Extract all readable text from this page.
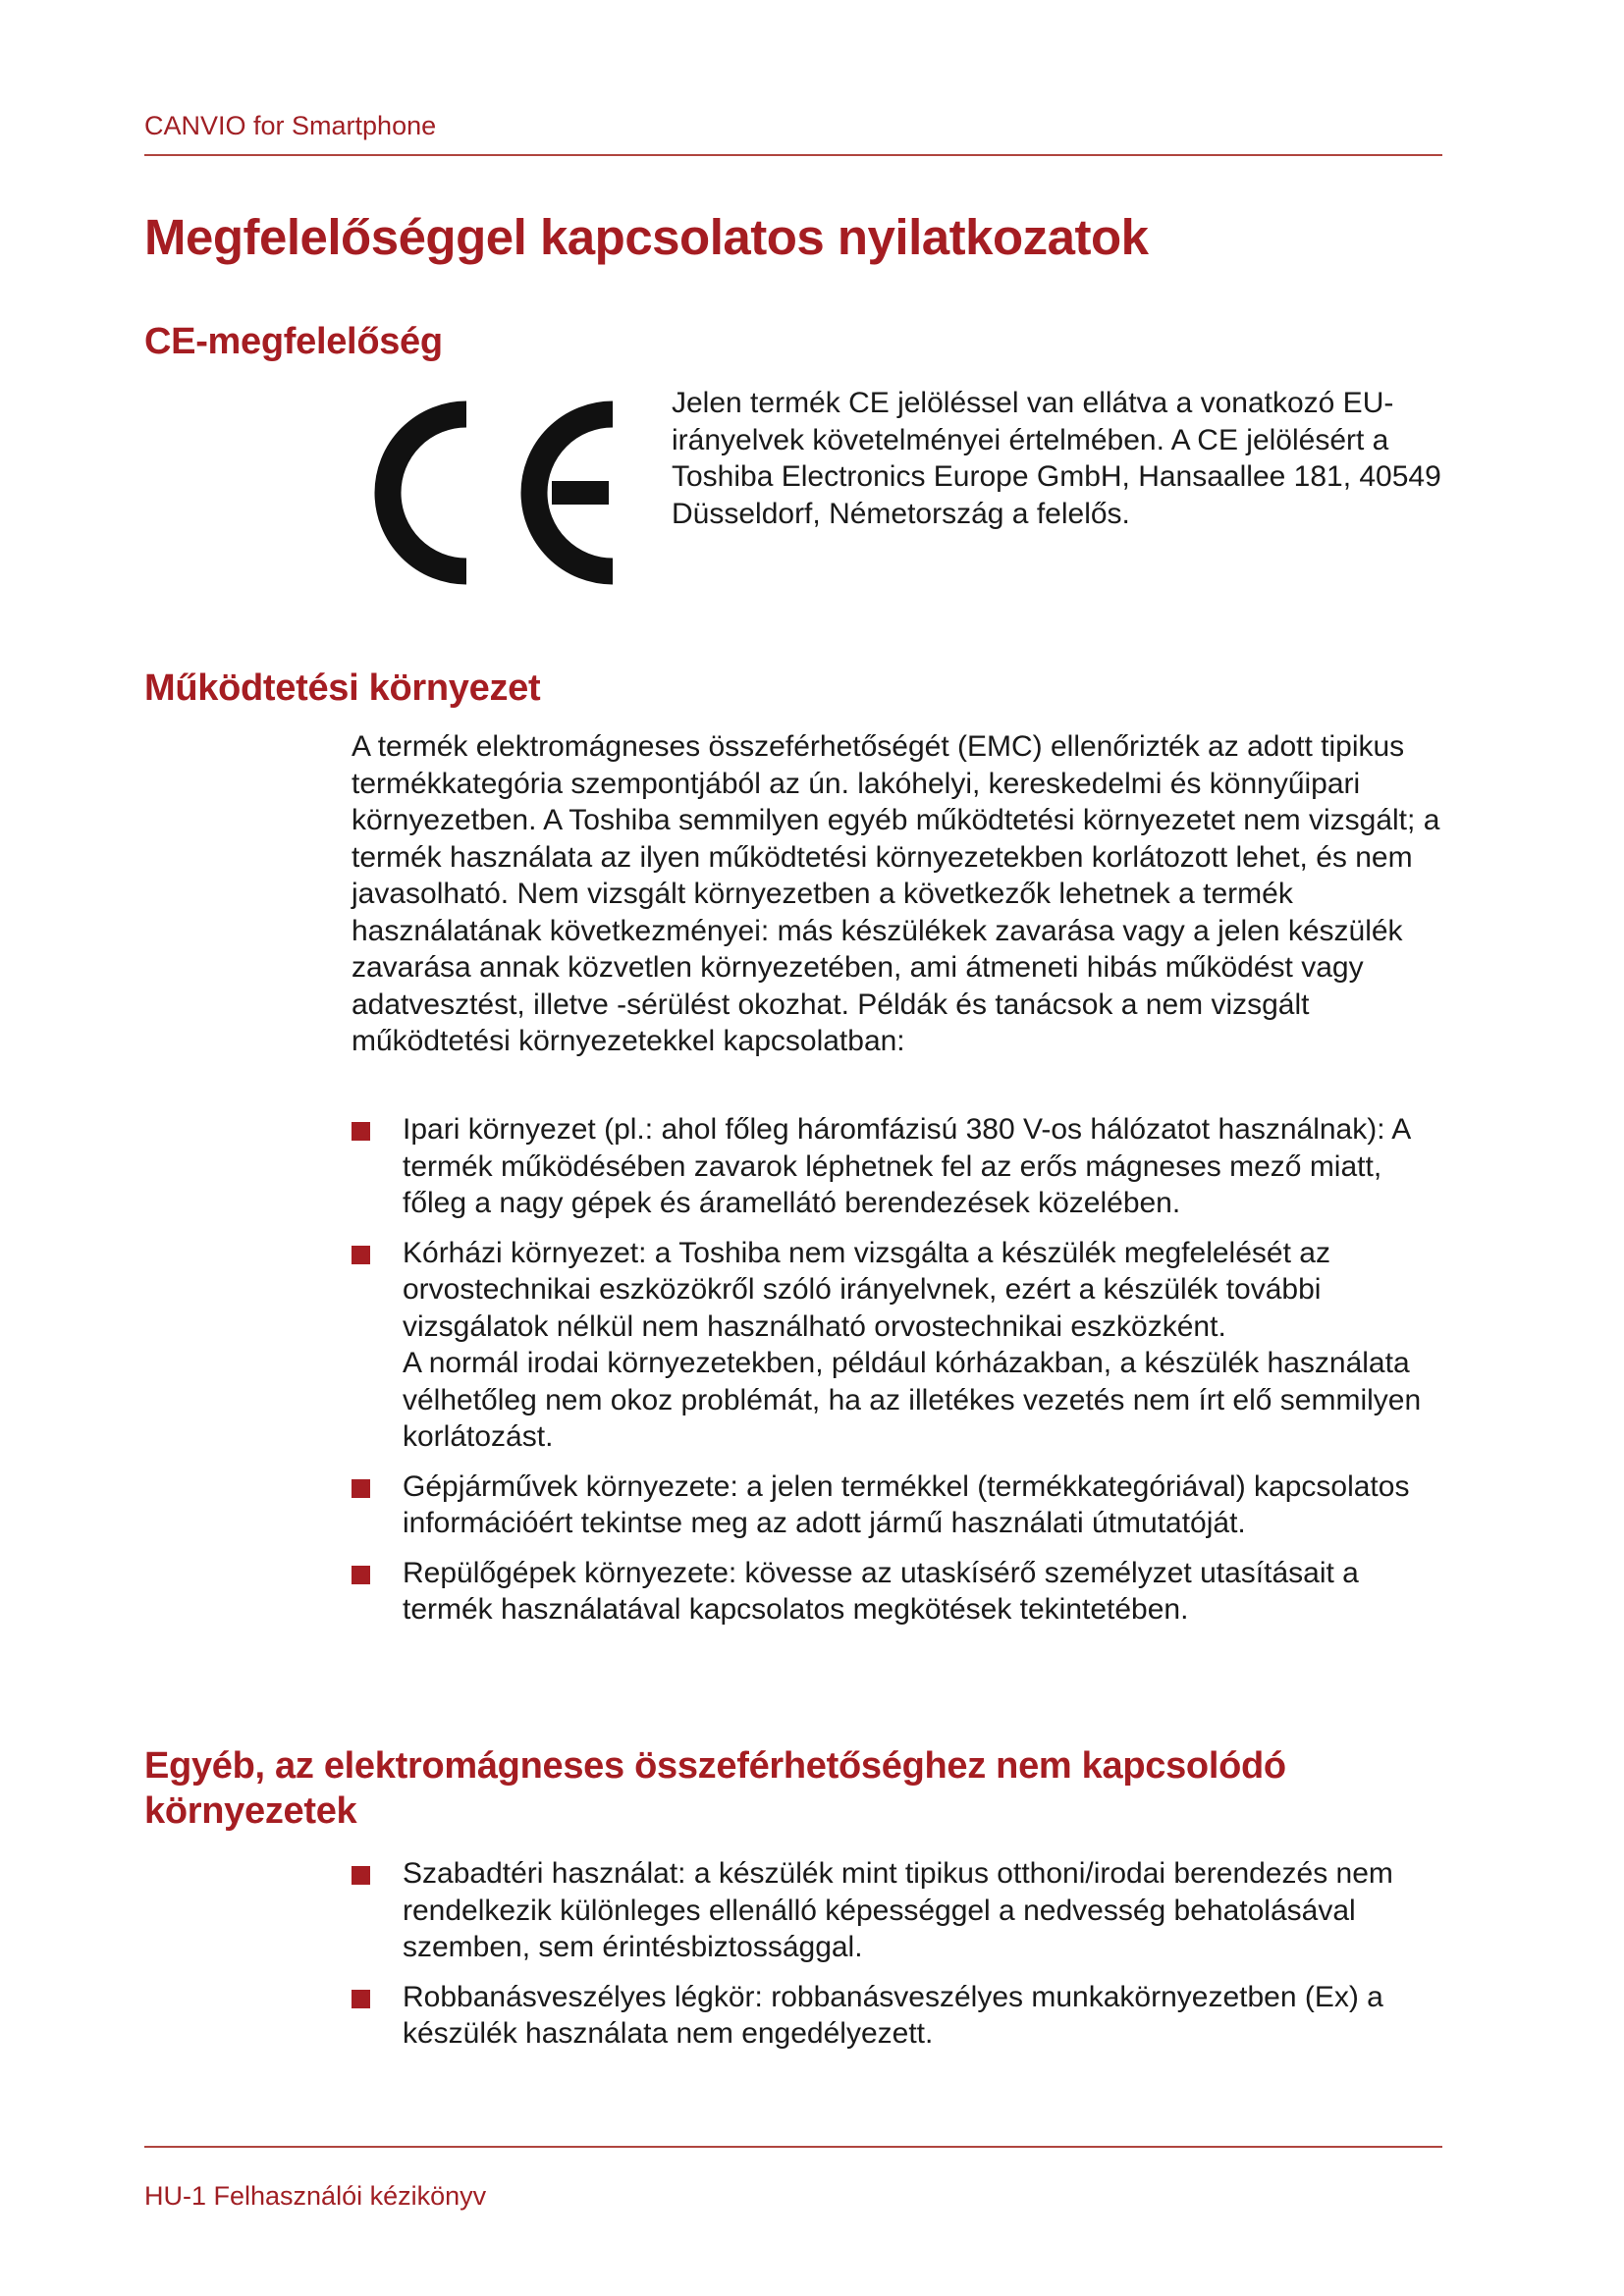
CANVIO for Smartphone
Megfelelőséggel kapcsolatos nyilatkozatok
CE-megfelelőség
Jelen termék CE jelöléssel van ellátva a vonatkozó EU-irányelvek követelményei értelmében. A CE jelölésért a Toshiba Electronics Europe GmbH, Hansaallee 181, 40549 Düsseldorf, Németország a felelős.
Működtetési környezet
A termék elektromágneses összeférhetőségét (EMC) ellenőrizték az adott tipikus termékkategória szempontjából az ún. lakóhelyi, kereskedelmi és könnyűipari környezetben. A Toshiba semmilyen egyéb működtetési környezetet nem vizsgált; a termék használata az ilyen működtetési környezetekben korlátozott lehet, és nem javasolható. Nem vizsgált környezetben a következők lehetnek a termék használatának következményei: más készülékek zavarása vagy a jelen készülék zavarása annak közvetlen környezetében, ami átmeneti hibás működést vagy adatvesztést, illetve -sérülést okozhat. Példák és tanácsok a nem vizsgált működtetési környezetekkel kapcsolatban:
Ipari környezet (pl.: ahol főleg háromfázisú 380 V-os hálózatot használnak): A termék működésében zavarok léphetnek fel az erős mágneses mező miatt, főleg a nagy gépek és áramellátó berendezések közelében.
Kórházi környezet: a Toshiba nem vizsgálta a készülék megfelelését az orvostechnikai eszközökről szóló irányelvnek, ezért a készülék további vizsgálatok nélkül nem használható orvostechnikai eszközként.
A normál irodai környezetekben, például kórházakban, a készülék használata vélhetőleg nem okoz problémát, ha az illetékes vezetés nem írt elő semmilyen korlátozást.
Gépjárművek környezete: a jelen termékkel (termékkategóriával) kapcsolatos információért tekintse meg az adott jármű használati útmutatóját.
Repülőgépek környezete: kövesse az utaskísérő személyzet utasításait a termék használatával kapcsolatos megkötések tekintetében.
Egyéb, az elektromágneses összeférhetőséghez nem kapcsolódó környezetek
Szabadtéri használat: a készülék mint tipikus otthoni/irodai berendezés nem rendelkezik különleges ellenálló képességgel a nedvesség behatolásával szemben, sem érintésbiztossággal.
Robbanásveszélyes légkör: robbanásveszélyes munkakörnyezetben (Ex) a készülék használata nem engedélyezett.
HU-1 Felhasználói kézikönyv
